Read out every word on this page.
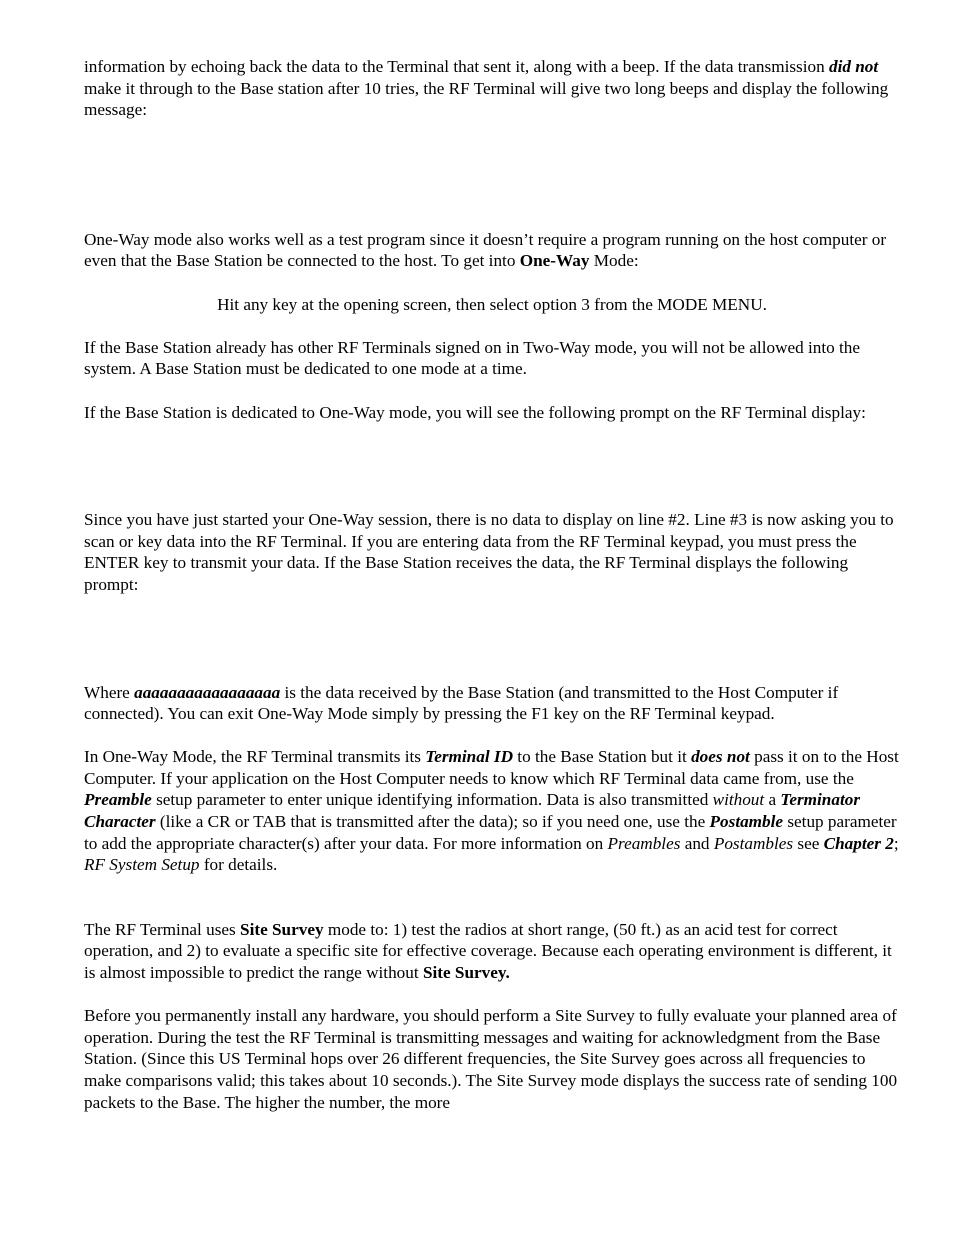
information by echoing back the data to the Terminal that sent it, along with a beep. If the data transmission did not make it through to the Base station after 10 tries, the RF Terminal will give two long beeps and display the following message:

One-Way mode also works well as a test program since it doesn’t require a program running on the host computer or even that the Base Station be connected to the host. To get into One-Way Mode:

Hit any key at the opening screen, then select option 3 from the MODE MENU.

If the Base Station already has other RF Terminals signed on in Two-Way mode, you will not be allowed into the system. A Base Station must be dedicated to one mode at a time.

If the Base Station is dedicated to One-Way mode, you will see the following prompt on the RF Terminal display:

Since you have just started your One-Way session, there is no data to display on line #2. Line #3 is now asking you to scan or key data into the RF Terminal. If you are entering data from the RF Terminal keypad, you must press the ENTER key to transmit your data. If the Base Station receives the data, the RF Terminal displays the following prompt:

Where aaaaaaaaaaaaaaaaa is the data received by the Base Station (and transmitted to the Host Computer if connected). You can exit One-Way Mode simply by pressing the F1 key on the RF Terminal keypad.

In One-Way Mode, the RF Terminal transmits its Terminal ID to the Base Station but it does not pass it on to the Host Computer. If your application on the Host Computer needs to know which RF Terminal data came from, use the Preamble setup parameter to enter unique identifying information. Data is also transmitted without a Terminator Character (like a CR or TAB that is transmitted after the data); so if you need one, use the Postamble setup parameter to add the appropriate character(s) after your data. For more information on Preambles and Postambles see Chapter 2; RF System Setup for details.

The RF Terminal uses Site Survey mode to: 1) test the radios at short range, (50 ft.) as an acid test for correct operation, and 2) to evaluate a specific site for effective coverage. Because each operating environment is different, it is almost impossible to predict the range without Site Survey.

Before you permanently install any hardware, you should perform a Site Survey to fully evaluate your planned area of operation. During the test the RF Terminal is transmitting messages and waiting for acknowledgment from the Base Station. (Since this US Terminal hops over 26 different frequencies, the Site Survey goes across all frequencies to make comparisons valid; this takes about 10 seconds.). The Site Survey mode displays the success rate of sending 100 packets to the Base. The higher the number, the more
